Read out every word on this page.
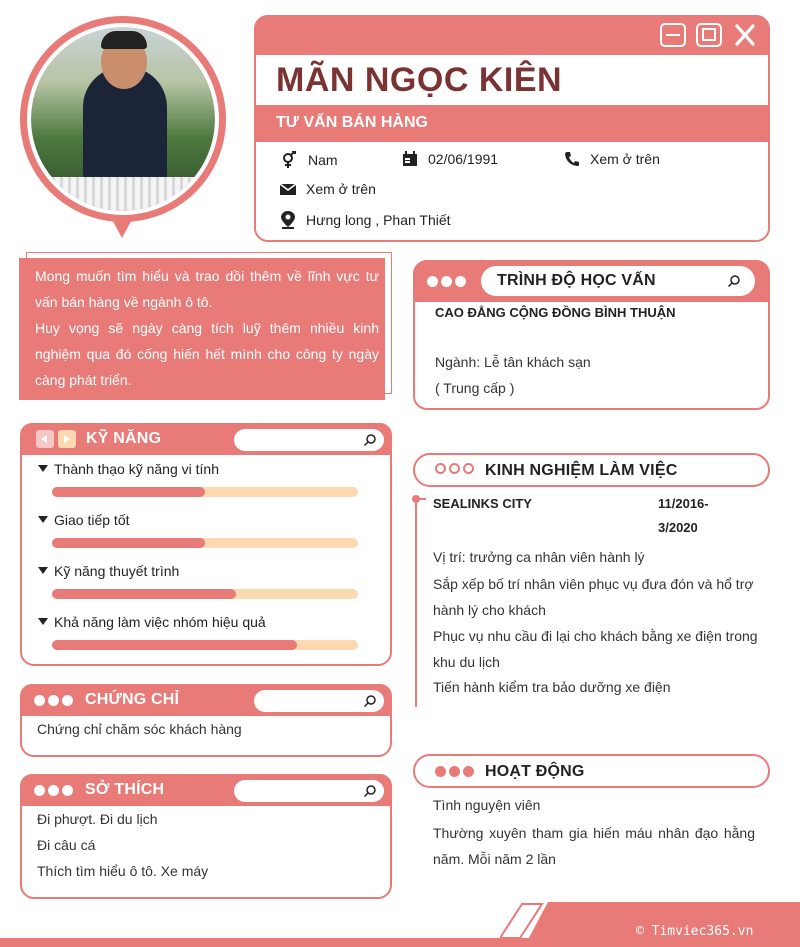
MÃN NGỌC KIÊN
TƯ VẤN BÁN HÀNG
Nam	02/06/1991	Xem ở trên
Xem ở trên
Hưng long , Phan Thiết
Mong muốn tìm hiểu và trao dồi thêm về lĩnh vực tư vấn bán hàng về ngành ô tô.
Huy vọng sẽ ngày càng tích luỹ thêm nhiều kinh nghiệm qua đó cống hiến hết mình cho công ty ngày càng phát triển.
KỸ NĂNG
Thành thạo kỹ năng vi tính
Giao tiếp tốt
Kỹ năng thuyết trình
Khả năng làm việc nhóm hiệu quả
CHỨNG CHỈ
Chứng chỉ chăm sóc khách hàng
SỞ THÍCH
Đi phượt. Đi du lịch
Đi câu cá
Thích tìm hiểu ô tô. Xe máy
TRÌNH ĐỘ HỌC VẤN
CAO ĐẲNG CỘNG ĐỒNG BÌNH THUẬN
Ngành: Lễ tân khách sạn
( Trung cấp )
KINH NGHIỆM LÀM VIỆC
SEALINKS CITY	11/2016-
3/2020
Vị trí: trưởng ca nhân viên hành lý
Sắp xếp bố trí nhân viên phục vụ đưa đón và hổ trợ hành lý cho khách
Phục vụ nhu cầu đi lại cho khách bằng xe điện trong khu du lịch
Tiến hành kiểm tra bảo dưỡng xe điện
HOẠT ĐỘNG
Tình nguyện viên
Thường xuyên tham gia hiến máu nhân đạo hằng năm. Mỗi năm 2 lần
© Timviec365.vn
